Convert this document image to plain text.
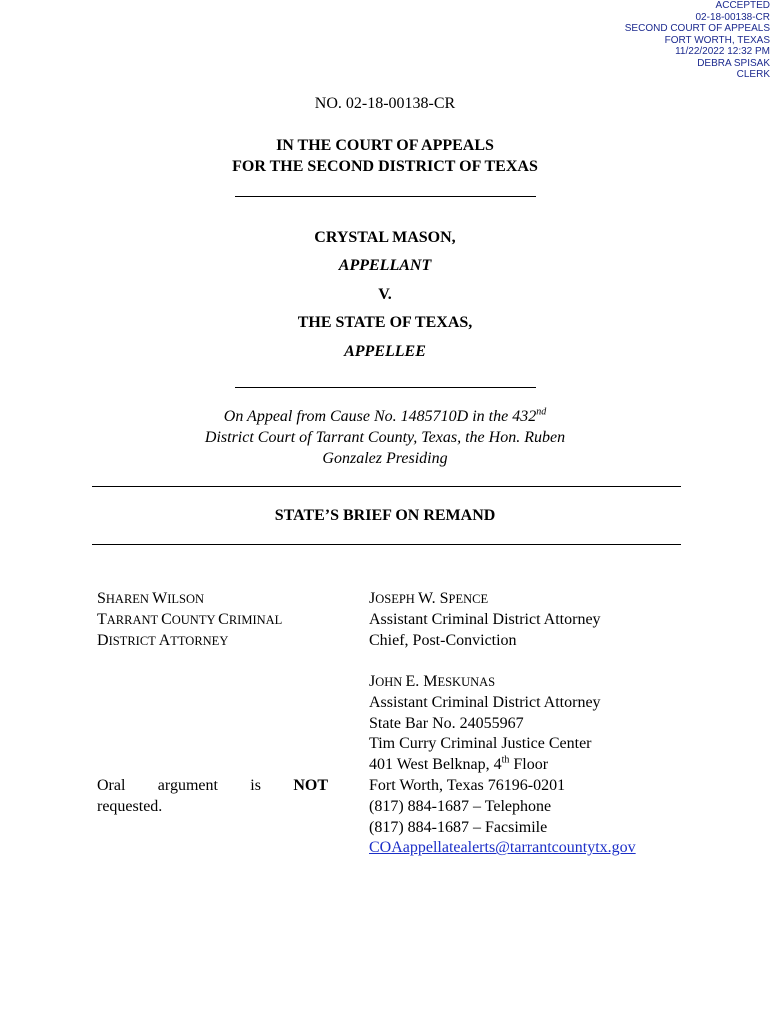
ACCEPTED
02-18-00138-CR
SECOND COURT OF APPEALS
FORT WORTH, TEXAS
11/22/2022 12:32 PM
DEBRA SPISAK
CLERK
NO. 02-18-00138-CR
IN THE COURT OF APPEALS
FOR THE SECOND DISTRICT OF TEXAS
CRYSTAL MASON,
APPELLANT
V.
THE STATE OF TEXAS,
APPELLEE
On Appeal from Cause No. 1485710D in the 432nd
District Court of Tarrant County, Texas, the Hon. Ruben
Gonzalez Presiding
STATE’S BRIEF ON REMAND
SHAREN WILSON
TARRANT COUNTY CRIMINAL
DISTRICT ATTORNEY
Oral argument is NOT
requested.
JOSEPH W. SPENCE
Assistant Criminal District Attorney
Chief, Post-Conviction
JOHN E. MESKUNAS
Assistant Criminal District Attorney
State Bar No. 24055967
Tim Curry Criminal Justice Center
401 West Belknap, 4th Floor
Fort Worth, Texas 76196-0201
(817) 884-1687 – Telephone
(817) 884-1687 – Facsimile
COAappellatealerts@tarrantcountytx.gov
